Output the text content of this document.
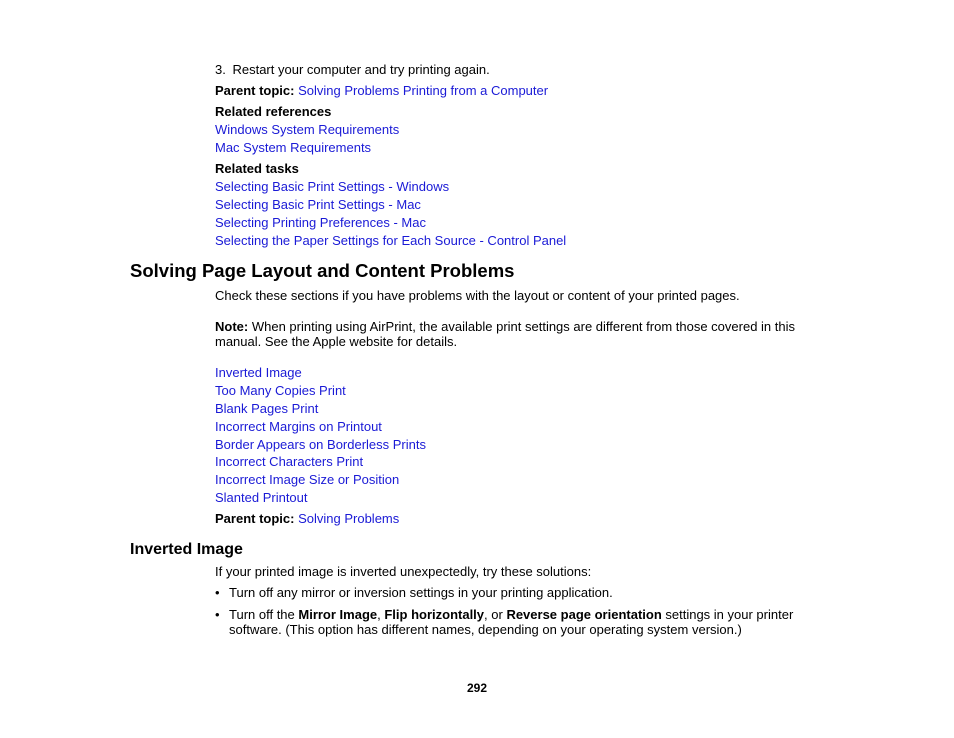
3. Restart your computer and try printing again.
Parent topic: Solving Problems Printing from a Computer
Related references
Windows System Requirements
Mac System Requirements
Related tasks
Selecting Basic Print Settings - Windows
Selecting Basic Print Settings - Mac
Selecting Printing Preferences - Mac
Selecting the Paper Settings for Each Source - Control Panel
Solving Page Layout and Content Problems
Check these sections if you have problems with the layout or content of your printed pages.
Note: When printing using AirPrint, the available print settings are different from those covered in this
manual. See the Apple website for details.
Inverted Image
Too Many Copies Print
Blank Pages Print
Incorrect Margins on Printout
Border Appears on Borderless Prints
Incorrect Characters Print
Incorrect Image Size or Position
Slanted Printout
Parent topic: Solving Problems
Inverted Image
If your printed image is inverted unexpectedly, try these solutions:
• Turn off any mirror or inversion settings in your printing application.
• Turn off the Mirror Image, Flip horizontally, or Reverse page orientation settings in your printer
software. (This option has different names, depending on your operating system version.)
292
